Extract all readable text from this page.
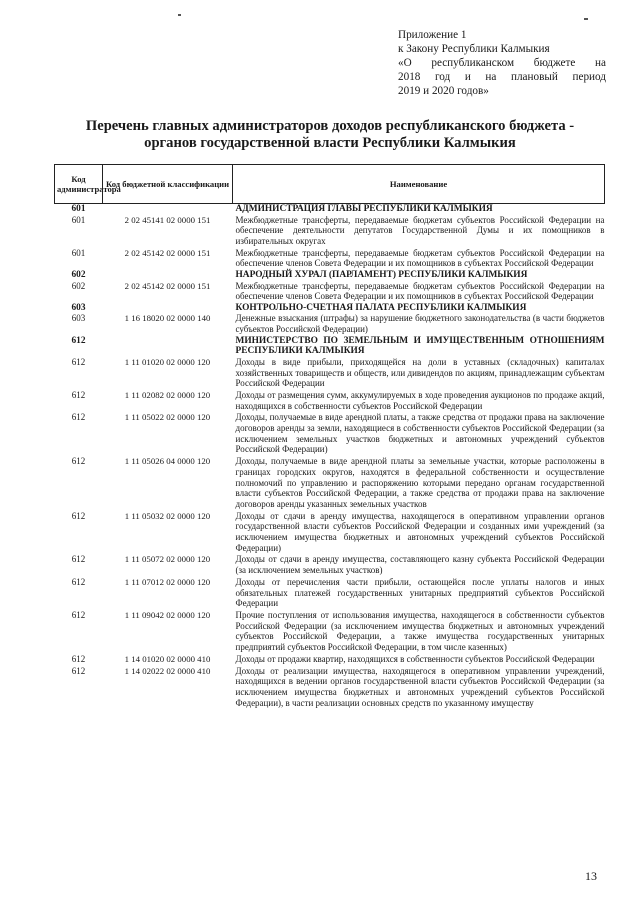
Приложение 1
к Закону Республики Калмыкия
«О республиканском бюджете на
2018 год и на плановый период
2019 и 2020 годов»
Перечень главных администраторов доходов республиканского бюджета - органов государственной власти Республики Калмыкия
Код администратора	Код бюджетной классификации	Наименование
601		АДМИНИСТРАЦИЯ ГЛАВЫ РЕСПУБЛИКИ КАЛМЫКИЯ
601	2 02 45141 02 0000 151	Межбюджетные трансферты, передаваемые бюджетам субъектов Российской Федерации на обеспечение деятельности депутатов Государственной Думы и их помощников в избирательных округах
601	2 02 45142 02 0000 151	Межбюджетные трансферты, передаваемые бюджетам субъектов Российской Федерации на обеспечение членов Совета Федерации и их помощников в субъектах Российской Федерации
602		НАРОДНЫЙ ХУРАЛ (ПАРЛАМЕНТ) РЕСПУБЛИКИ КАЛМЫКИЯ
602	2 02 45142 02 0000 151	Межбюджетные трансферты, передаваемые бюджетам субъектов Российской Федерации на обеспечение членов Совета Федерации и их помощников в субъектах Российской Федерации
603		КОНТРОЛЬНО-СЧЕТНАЯ ПАЛАТА РЕСПУБЛИКИ КАЛМЫКИЯ
603	1 16 18020 02 0000 140	Денежные взыскания (штрафы) за нарушение бюджетного законодательства (в части бюджетов субъектов Российской Федерации)
612		МИНИСТЕРСТВО ПО ЗЕМЕЛЬНЫМ И ИМУЩЕСТВЕННЫМ ОТНОШЕНИЯМ РЕСПУБЛИКИ КАЛМЫКИЯ
612	1 11 01020 02 0000 120	Доходы в виде прибыли, приходящейся на доли в уставных (складочных) капиталах хозяйственных товариществ и обществ, или дивидендов по акциям, принадлежащим субъектам Российской Федерации
612	1 11 02082 02 0000 120	Доходы от размещения сумм, аккумулируемых в ходе проведения аукционов по продаже акций, находящихся в собственности субъектов Российской Федерации
612	1 11 05022 02 0000 120	Доходы, получаемые в виде арендной платы, а также средства от продажи права на заключение договоров аренды за земли, находящиеся в собственности субъектов Российской Федерации (за исключением земельных участков бюджетных и автономных учреждений субъектов Российской Федерации)
612	1 11 05026 04 0000 120	Доходы, получаемые в виде арендной платы за земельные участки, которые расположены в границах городских округов, находятся в федеральной собственности и осуществление полномочий по управлению и распоряжению которыми передано органам государственной власти субъектов Российской Федерации, а также средства от продажи права на заключение договоров аренды указанных земельных участков
612	1 11 05032 02 0000 120	Доходы от сдачи в аренду имущества, находящегося в оперативном управлении органов государственной власти субъектов Российской Федерации и созданных ими учреждений (за исключением имущества бюджетных и автономных учреждений субъектов Российской Федерации)
612	1 11 05072 02 0000 120	Доходы от сдачи в аренду имущества, составляющего казну субъекта Российской Федерации (за исключением земельных участков)
612	1 11 07012 02 0000 120	Доходы от перечисления части прибыли, остающейся после уплаты налогов и иных обязательных платежей государственных унитарных предприятий субъектов Российской Федерации
612	1 11 09042 02 0000 120	Прочие поступления от использования имущества, находящегося в собственности субъектов Российской Федерации (за исключением имущества бюджетных и автономных учреждений субъектов Российской Федерации, а также имущества государственных унитарных предприятий субъектов Российской Федерации, в том числе казенных)
612	1 14 01020 02 0000 410	Доходы от продажи квартир, находящихся в собственности субъектов Российской Федерации
612	1 14 02022 02 0000 410	Доходы от реализации имущества, находящегося в оперативном управлении учреждений, находящихся в ведении органов государственной власти субъектов Российской Федерации (за исключением имущества бюджетных и автономных учреждений субъектов Российской Федерации), в части реализации основных средств по указанному имуществу
13
